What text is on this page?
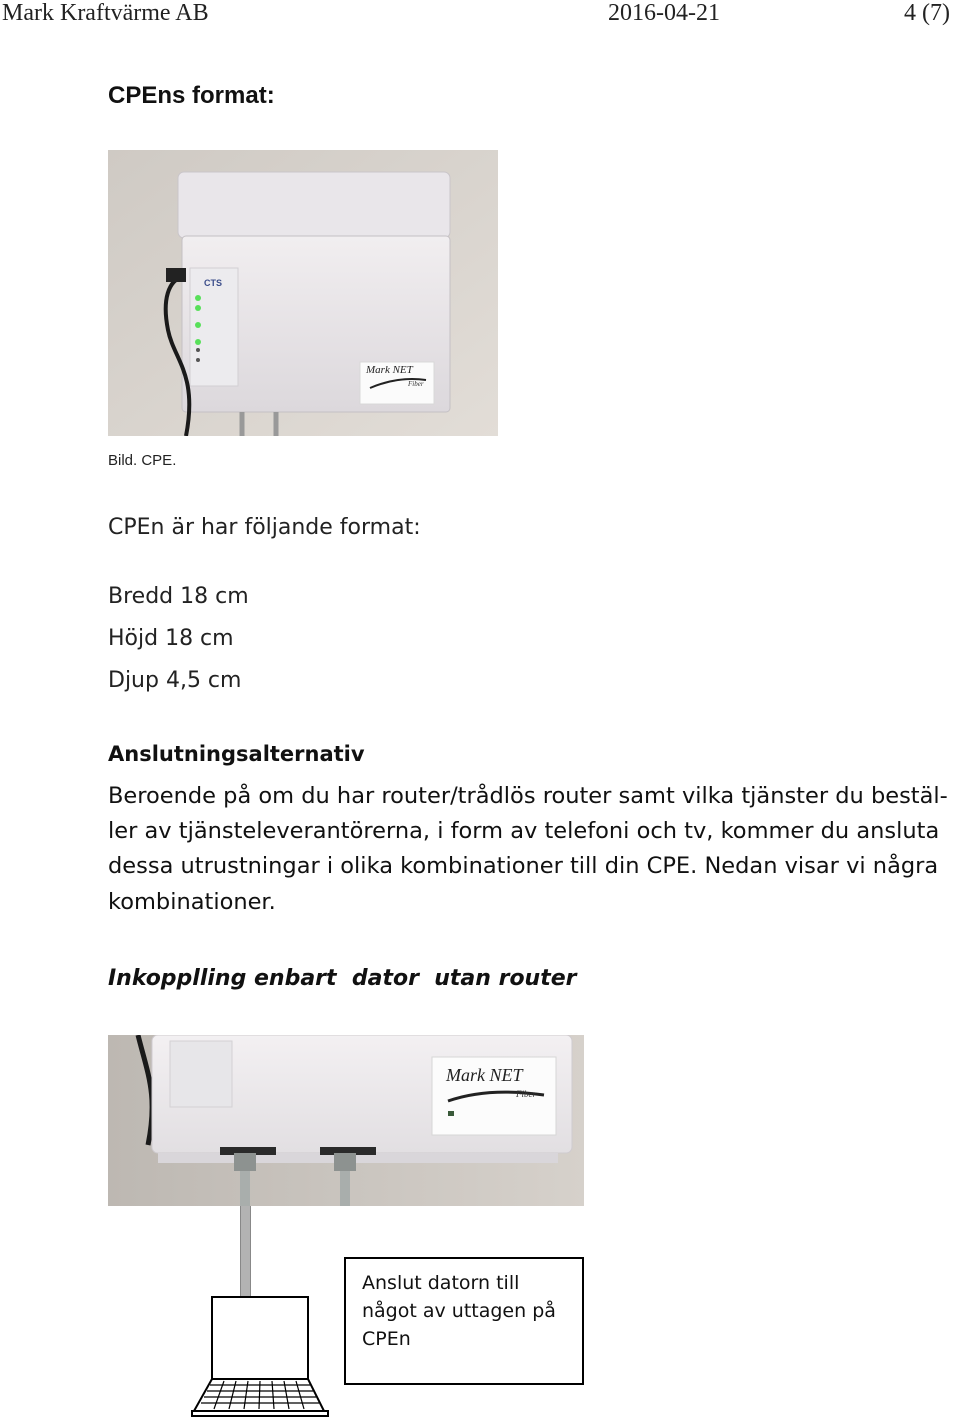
Mark Kraftvärme AB	2016-04-21	4 (7)
CPEns format:
CTS
Mark NET
Fiber
Bild. CPE.
CPEn är har följande format:
Bredd 18 cm
Höjd 18 cm
Djup 4,5 cm
Anslutningsalternativ
Beroende på om du har router/trådlös router samt vilka tjänster du bestäl-
ler av tjänsteleverantörerna, i form av telefoni och tv, kommer du ansluta
dessa utrustningar i olika kombinationer till din CPE. Nedan visar vi några
kombinationer.
Inkopplling enbart  dator  utan router
Mark NET
Fiber
Anslut datorn till
något av uttagen på
CPEn
